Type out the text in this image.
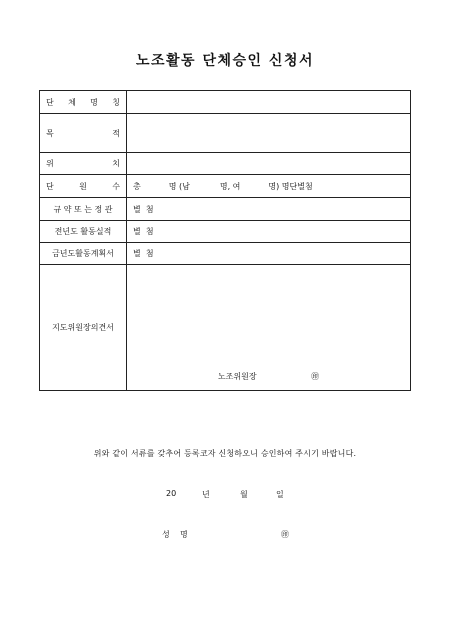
노조활동 단체승인 신청서
단 체 명 칭	

목 적	

위 치	

단 원 수	총 명 (남 명, 여 명) 명단별첨

규 약 또 는 정 관	별  첨
전년도 활동실적	별  첨
금년도활동계획서	별  첨
지도위원장의견서	노조위원장 ㊞
위와 같이 서류를 갖추어 등록코자 신청하오니 승인하여 주시기 바랍니다.
20	년	월	일
성 명	㊞
